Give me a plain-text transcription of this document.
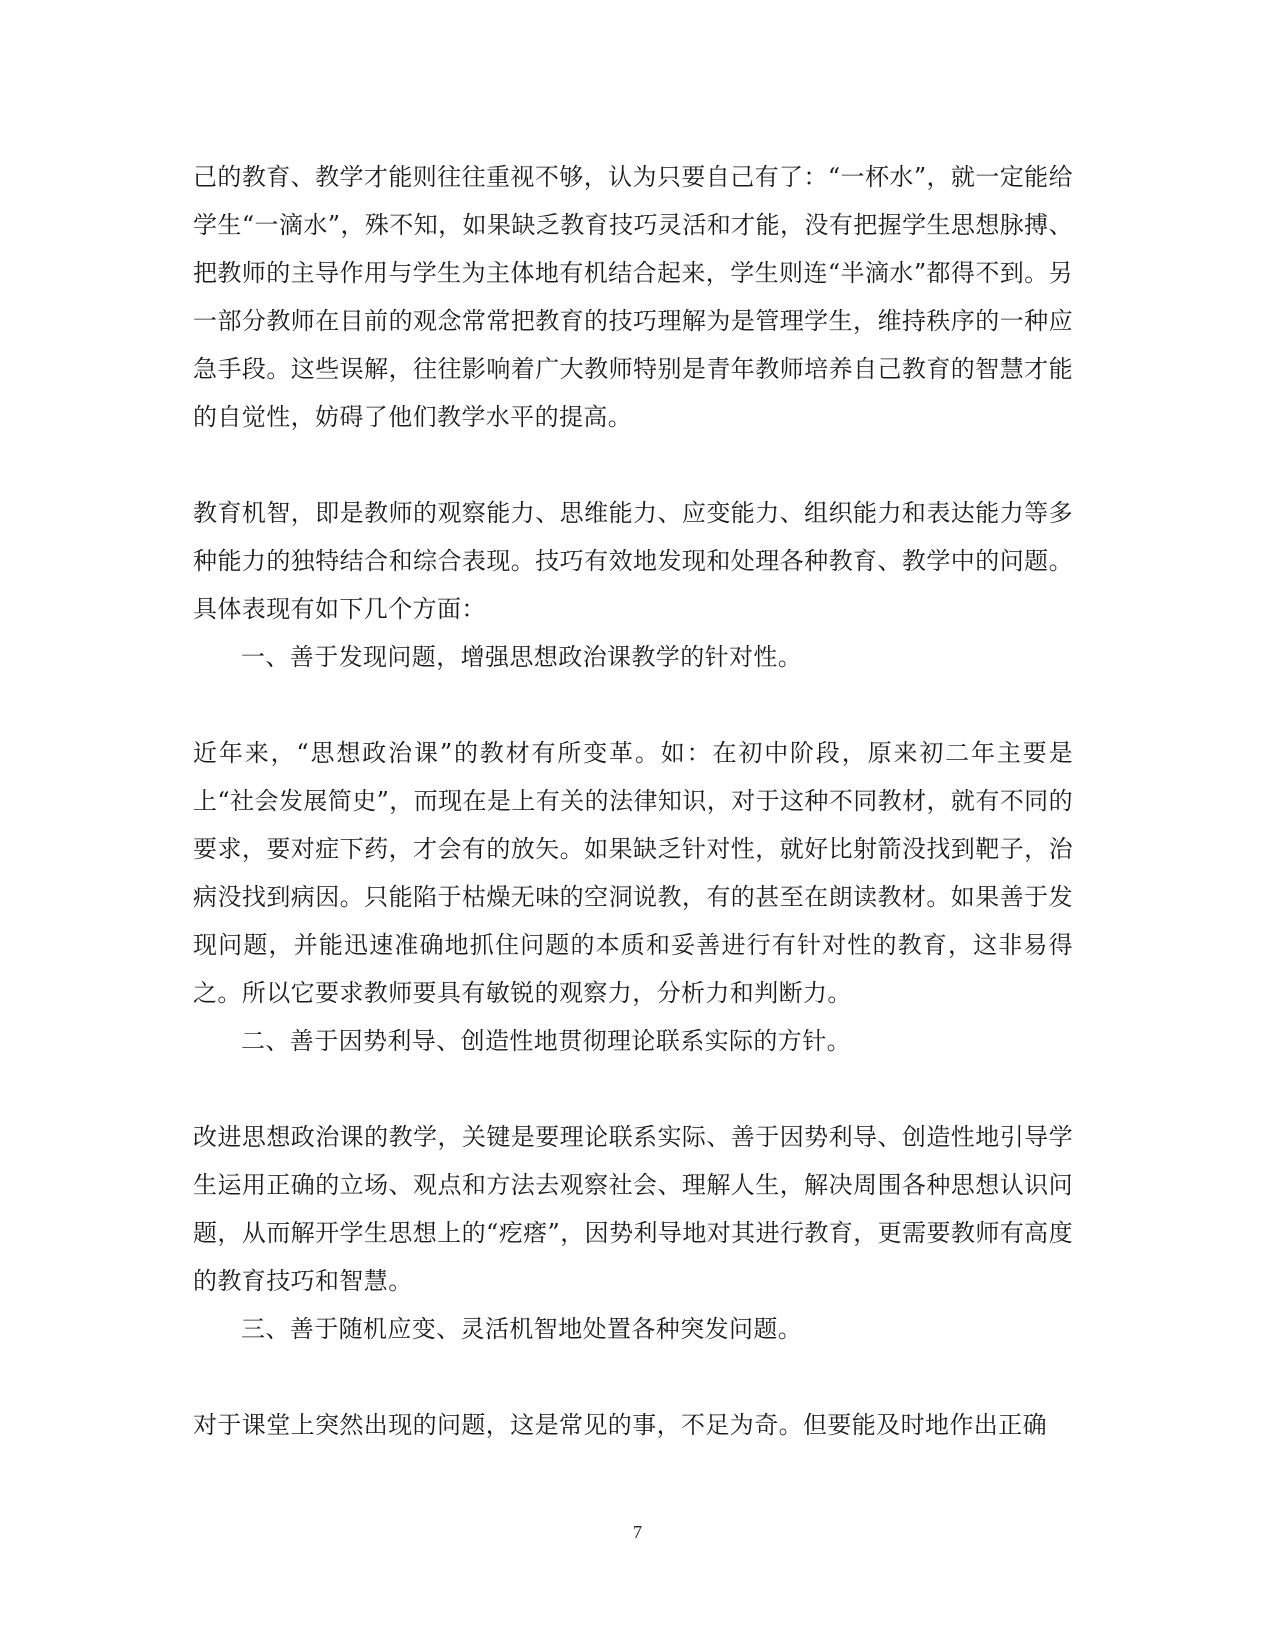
己的教育、教学才能则往往重视不够，认为只要自己有了：“一杯水”，就一定能给学生“一滴水”，殊不知，如果缺乏教育技巧灵活和才能，没有把握学生思想脉搏、把教师的主导作用与学生为主体地有机结合起来，学生则连“半滴水”都得不到。另一部分教师在目前的观念常常把教育的技巧理解为是管理学生，维持秩序的一种应急手段。这些误解，往往影响着广大教师特别是青年教师培养自己教育的智慧才能的自觉性，妨碍了他们教学水平的提高。

教育机智，即是教师的观察能力、思维能力、应变能力、组织能力和表达能力等多种能力的独特结合和综合表现。技巧有效地发现和处理各种教育、教学中的问题。具体表现有如下几个方面：

一、善于发现问题，增强思想政治课教学的针对性。

近年来，“思想政治课”的教材有所变革。如：在初中阶段，原来初二年主要是上“社会发展简史”，而现在是上有关的法律知识，对于这种不同教材，就有不同的要求，要对症下药，才会有的放矢。如果缺乏针对性，就好比射箭没找到靶子，治病没找到病因。只能陷于枯燥无味的空洞说教，有的甚至在朗读教材。如果善于发现问题，并能迅速准确地抓住问题的本质和妥善进行有针对性的教育，这非易得之。所以它要求教师要具有敏锐的观察力，分析力和判断力。

二、善于因势利导、创造性地贯彻理论联系实际的方针。

改进思想政治课的教学，关键是要理论联系实际、善于因势利导、创造性地引导学生运用正确的立场、观点和方法去观察社会、理解人生，解决周围各种思想认识问题，从而解开学生思想上的“疙瘩”，因势利导地对其进行教育，更需要教师有高度的教育技巧和智慧。

三、善于随机应变、灵活机智地处置各种突发问题。

对于课堂上突然出现的问题，这是常见的事，不足为奇。但要能及时地作出正确

7
